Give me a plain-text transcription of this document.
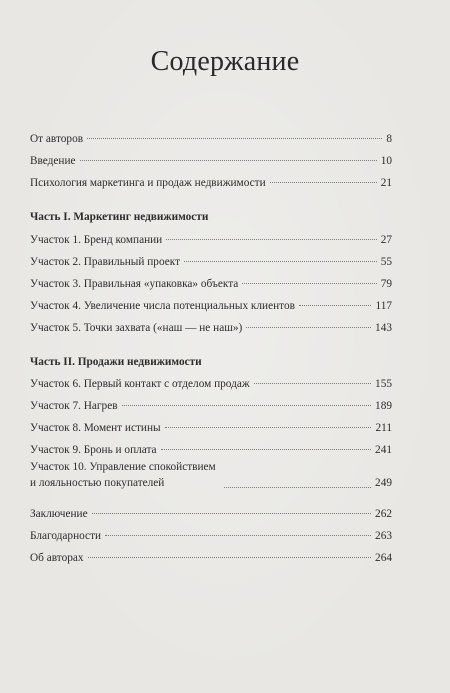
Содержание
От авторов	8
Введение	10
Психология маркетинга и продаж недвижимости	21
Часть I. Маркетинг недвижимости
Участок 1. Бренд компании	27
Участок 2. Правильный проект	55
Участок 3. Правильная «упаковка» объекта	79
Участок 4. Увеличение числа потенциальных клиентов	117
Участок 5. Точки захвата («наш — не наш»)	143
Часть II. Продажи недвижимости
Участок 6. Первый контакт с отделом продаж	155
Участок 7. Нагрев	189
Участок 8. Момент истины	211
Участок 9. Бронь и оплата	241
Участок 10. Управление спокойствием
и лояльностью покупателей	249
Заключение	262
Благодарности	263
Об авторах	264
